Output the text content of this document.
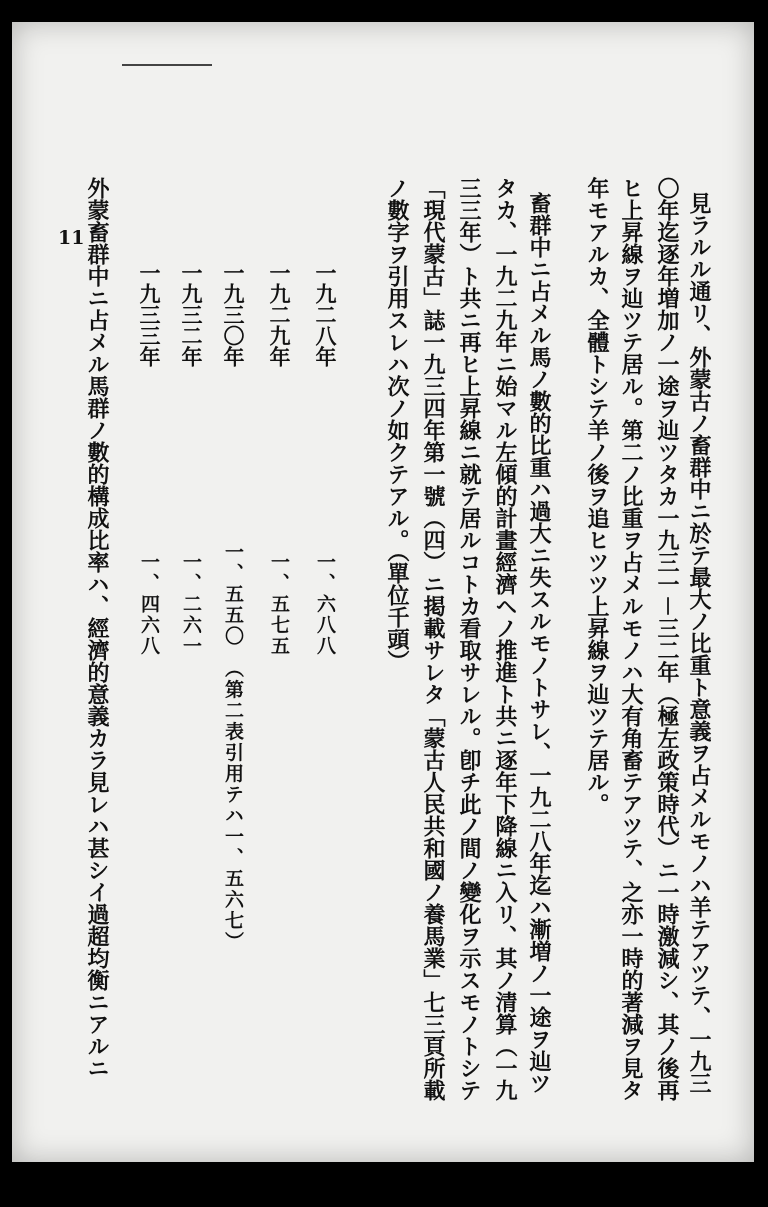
見ラルル通リ、外蒙古ノ畜群中ニ於テ最大ノ比重ト意義ヲ占メルモノハ羊テアツテ、一九三
〇年迄逐年増加ノ一途ヲ辿ツタカ一九三一－三二年（極左政策時代）ニ一時激減シ、其ノ後再
ヒ上昇線ヲ辿ツテ居ル。第二ノ比重ヲ占メルモノハ大有角畜テアツテ、之亦一時的著減ヲ見タ
年モアルカ、全體トシテ羊ノ後ヲ追ヒツツ上昇線ヲ辿ツテ居ル。
畜群中ニ占メル馬ノ數的比重ハ過大ニ失スルモノトサレ、一九二八年迄ハ漸増ノ一途ヲ辿ツ
タカ、一九二九年ニ始マル左傾的計畫經濟ヘノ推進ト共ニ逐年下降線ニ入リ、其ノ清算（一九
三三年）ト共ニ再ヒ上昇線ニ就テ居ルコトカ看取サレル。卽チ此ノ間ノ變化ヲ示スモノトシテ
「現代蒙古」誌一九三四年第一號（四）ニ掲載サレタ「蒙古人民共和國ノ養馬業」七三頁所載
ノ數字ヲ引用スレハ次ノ如クテアル。（單位千頭）
一九二八年
一、六八八
一九二九年
一、五七五
一九三〇年
一、五五〇　（第二表引用テハ一、五六七）
一九三二年
一、二六一
一九三三年
一、四六八
外蒙畜群中ニ占メル馬群ノ數的構成比率ハ、經濟的意義カラ見レハ甚シイ過超均衡ニアルニ
11
